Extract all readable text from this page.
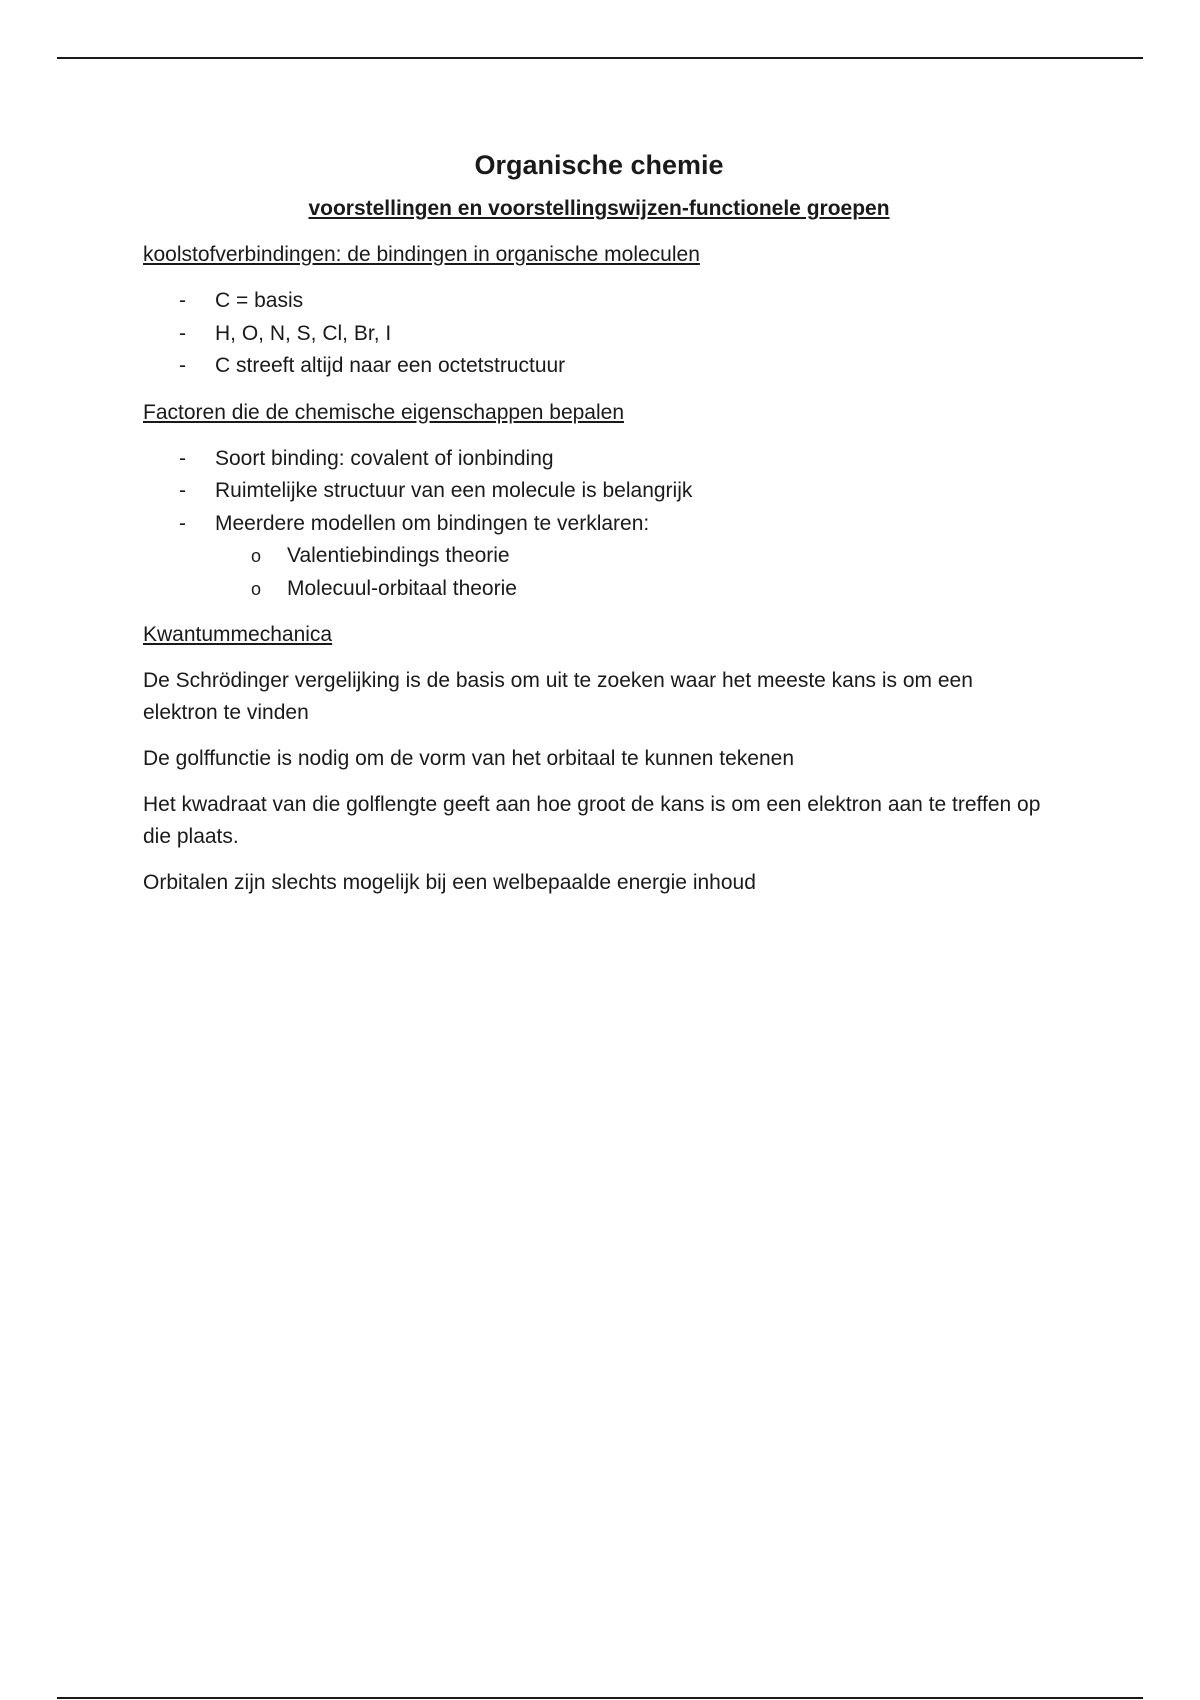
Organische chemie
voorstellingen en voorstellingswijzen-functionele groepen
koolstofverbindingen: de bindingen in organische moleculen
- C = basis
- H, O, N, S, Cl, Br, I
- C streeft altijd naar een octetstructuur
Factoren die de chemische eigenschappen bepalen
- Soort binding: covalent of ionbinding
- Ruimtelijke structuur van een molecule is belangrijk
- Meerdere modellen om bindingen te verklaren:
o Valentiebindings theorie
o Molecuul-orbitaal theorie
Kwantummechanica

De Schrödinger vergelijking is de basis om uit te zoeken waar het meeste kans is om een elektron te vinden

De golffunctie is nodig om de vorm van het orbitaal te kunnen tekenen

Het kwadraat van die golflengte geeft aan hoe groot de kans is om een elektron aan te treffen op die plaats.

Orbitalen zijn slechts mogelijk bij een welbepaalde energie inhoud
